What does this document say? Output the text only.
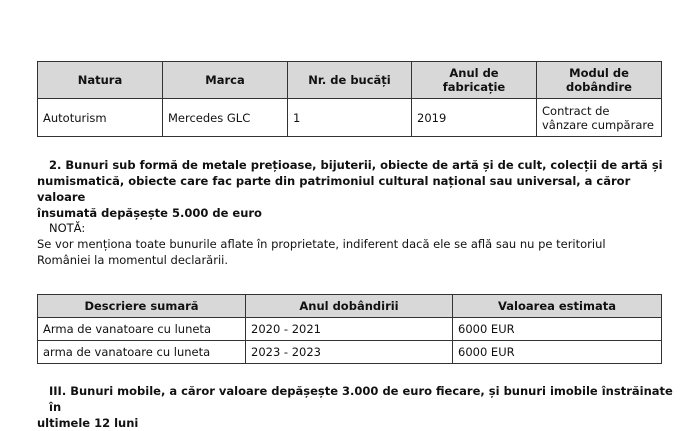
Natura	Marca	Nr. de bucăți	Anul de fabricație	Modul de dobândire
Autoturism	Mercedes GLC	1	2019	Contract de vânzare cumpărare
2. Bunuri sub formă de metale prețioase, bijuterii, obiecte de artă și de cult, colecții de artă și
numismatică, obiecte care fac parte din patrimoniul cultural național sau universal, a căror valoare
însumată depășește 5.000 de euro
NOTĂ:
Se vor menționa toate bunurile aflate în proprietate, indiferent dacă ele se află sau nu pe teritoriul
României la momentul declarării.
Descriere sumară	Anul dobândirii	Valoarea estimata
Arma de vanatoare cu luneta	2020 - 2021	6000 EUR
arma de vanatoare cu luneta	2023 - 2023	6000 EUR
III. Bunuri mobile, a căror valoare depășește 3.000 de euro fiecare, și bunuri imobile înstrăinate în
ultimele 12 luni
